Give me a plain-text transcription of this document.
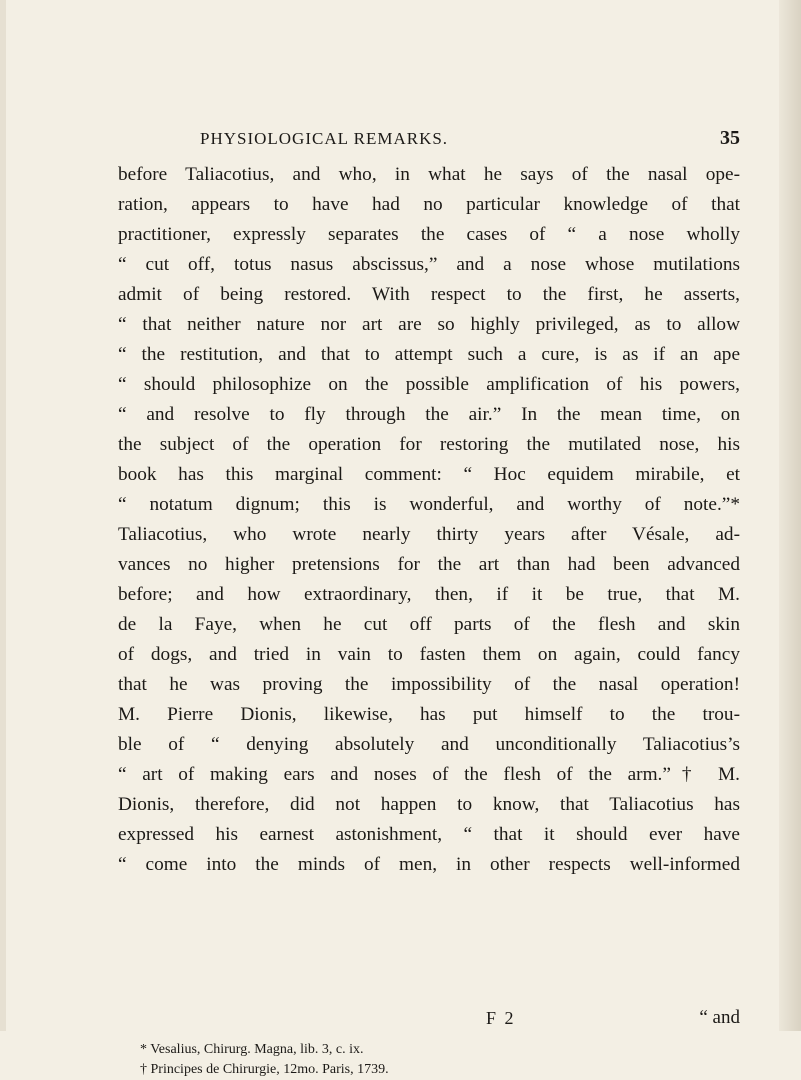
PHYSIOLOGICAL REMARKS.	35
before Taliacotius, and who, in what he says of the nasal ope-
ration, appears to have had no particular knowledge of that
practitioner, expressly separates the cases of “ a nose wholly
“ cut off, totus nasus abscissus,” and a nose whose mutilations
admit of being restored. With respect to the first, he asserts,
“ that neither nature nor art are so highly privileged, as to allow
“ the restitution, and that to attempt such a cure, is as if an ape
“ should philosophize on the possible amplification of his powers,
“ and resolve to fly through the air.” In the mean time, on
the subject of the operation for restoring the mutilated nose, his
book has this marginal comment: “ Hoc equidem mirabile, et
“ notatum dignum; this is wonderful, and worthy of note.”*
Taliacotius, who wrote nearly thirty years after Vésale, ad-
vances no higher pretensions for the art than had been advanced
before; and how extraordinary, then, if it be true, that M.
de la Faye, when he cut off parts of the flesh and skin
of dogs, and tried in vain to fasten them on again, could fancy
that he was proving the impossibility of the nasal operation!
M. Pierre Dionis, likewise, has put himself to the trou-
ble of “ denying absolutely and unconditionally Taliacotius’s
“ art of making ears and noses of the flesh of the arm.”† M.
Dionis, therefore, did not happen to know, that Taliacotius has
expressed his earnest astonishment, “ that it should ever have
“ come into the minds of men, in other respects well-informed
F 2	“ and
* Vesalius, Chirurg. Magna, lib. 3, c. ix.
† Principes de Chirurgie, 12mo. Paris, 1739.
